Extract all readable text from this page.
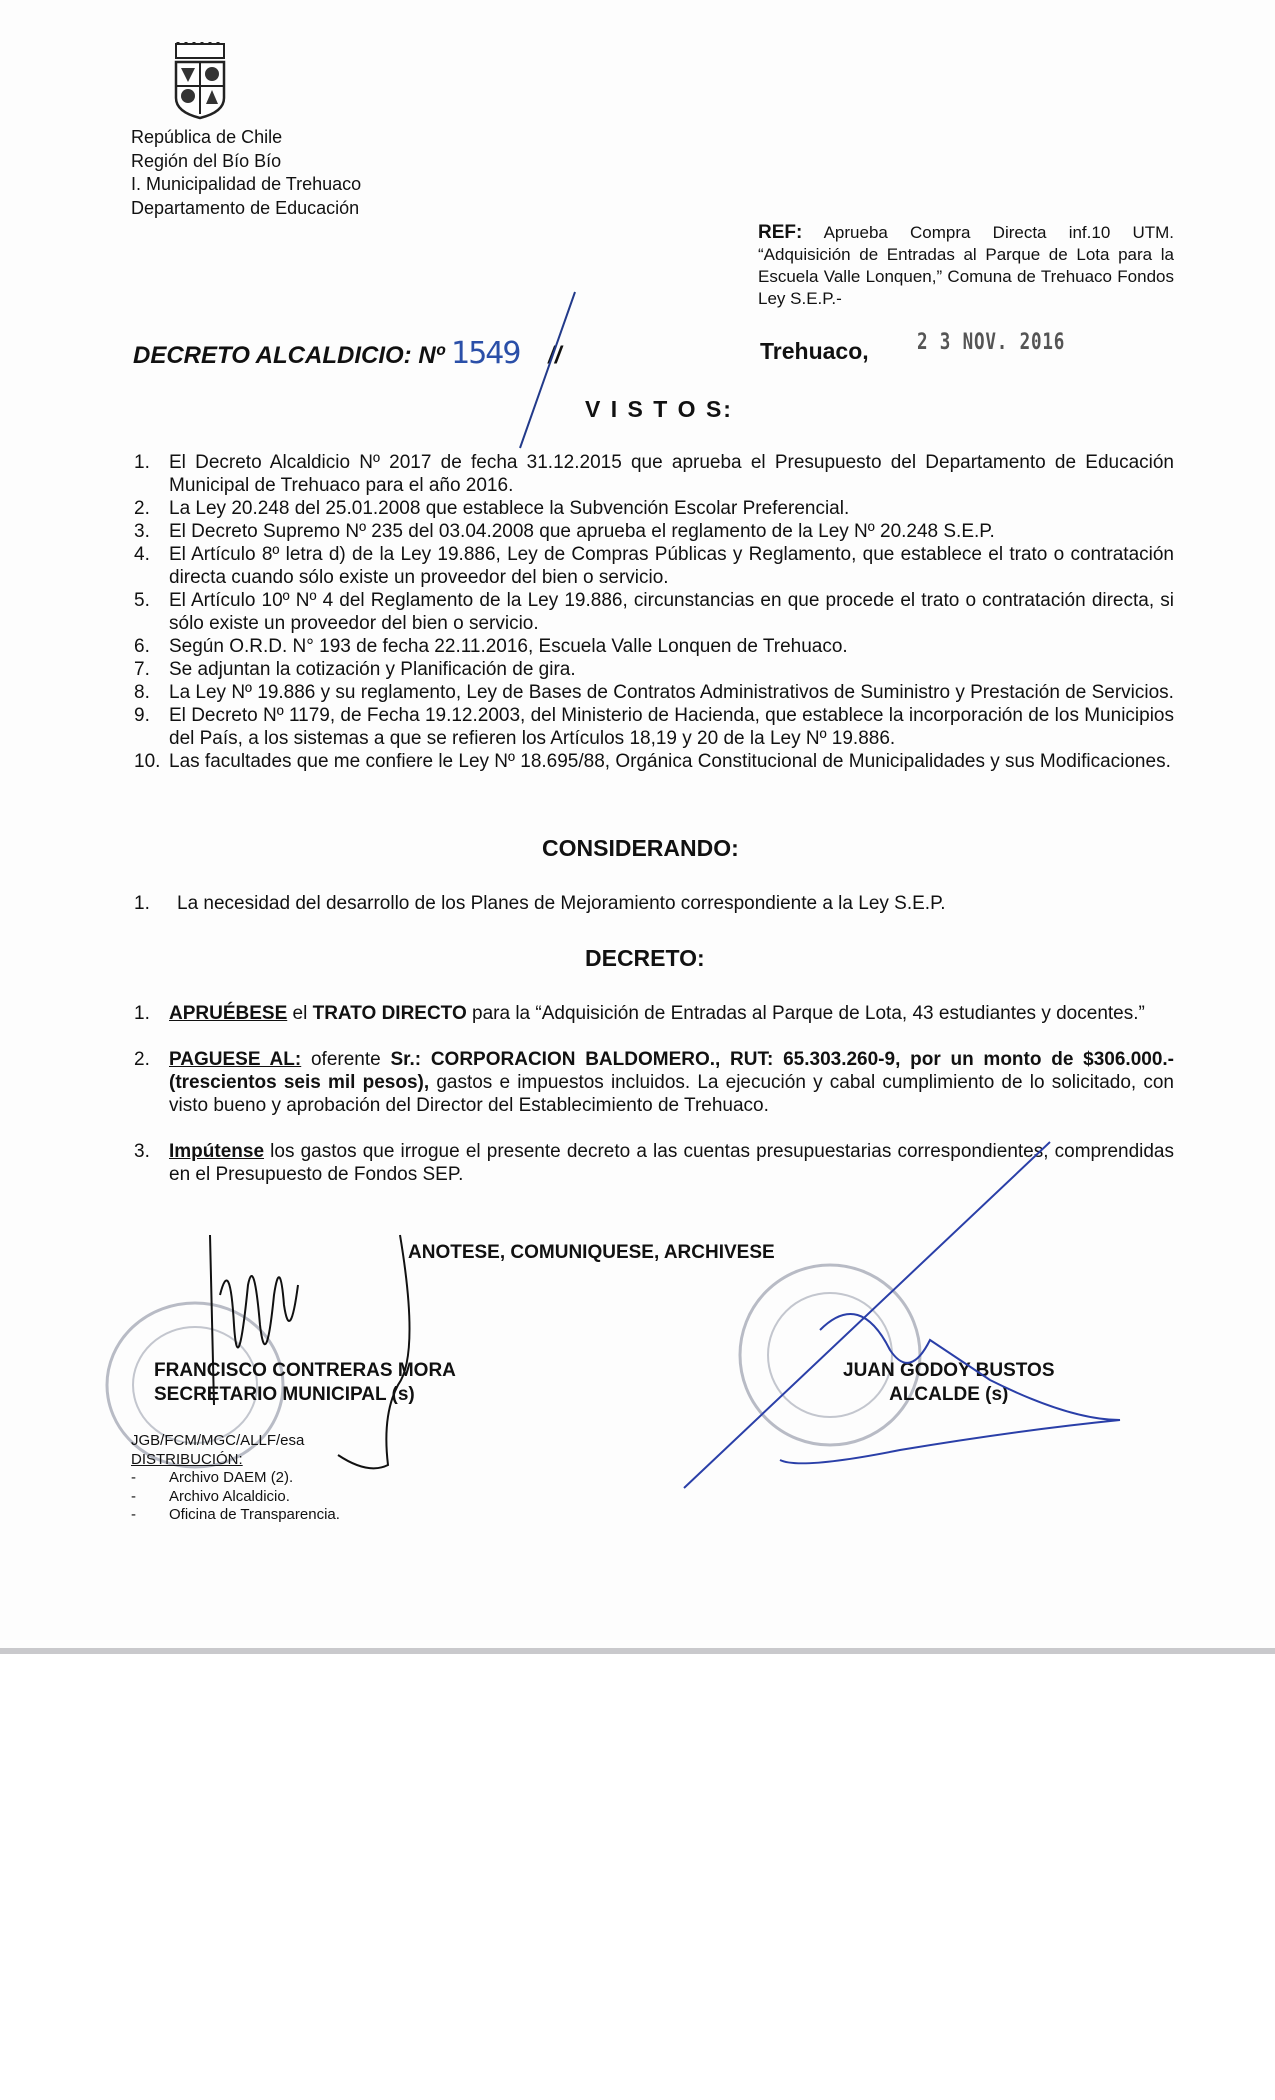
República de Chile
Región del Bío Bío
I. Municipalidad de Trehuaco
Departamento de Educación
REF: Aprueba Compra Directa inf.10 UTM. “Adquisición de Entradas al Parque de Lota para la Escuela Valle Lonquen,” Comuna de Trehuaco Fondos Ley S.E.P.-
DECRETO ALCALDICIO: Nº 1549 //	Trehuaco, 2 3 NOV. 2016
V I S T O S:
1.	El Decreto Alcaldicio Nº 2017 de fecha 31.12.2015 que aprueba el Presupuesto del Departamento de Educación Municipal de Trehuaco para el año 2016.
2.	La Ley 20.248 del 25.01.2008 que establece la Subvención Escolar Preferencial.
3.	El Decreto Supremo Nº 235 del 03.04.2008 que aprueba el reglamento de la Ley Nº 20.248 S.E.P.
4.	El Artículo 8º letra d) de la Ley 19.886, Ley de Compras Públicas y Reglamento, que establece el trato o contratación directa cuando sólo existe un proveedor del bien o servicio.
5.	El Artículo 10º Nº 4 del Reglamento de la Ley 19.886, circunstancias en que procede el trato o contratación directa, si sólo existe un proveedor del bien o servicio.
6.	Según O.R.D. N° 193 de fecha 22.11.2016, Escuela Valle Lonquen de Trehuaco.
7.	Se adjuntan la cotización y Planificación de gira.
8.	La Ley Nº 19.886 y su reglamento, Ley de Bases de Contratos Administrativos de Suministro y Prestación de Servicios.
9.	El Decreto Nº 1179, de Fecha 19.12.2003, del Ministerio de Hacienda, que establece la incorporación de los Municipios del País, a los sistemas a que se refieren los Artículos 18,19 y 20 de la Ley Nº 19.886.
10. Las facultades que me confiere le Ley Nº 18.695/88, Orgánica Constitucional de Municipalidades y sus Modificaciones.
CONSIDERANDO:
1.	La necesidad del desarrollo de los Planes de Mejoramiento correspondiente a la Ley S.E.P.
DECRETO:
1.	APRUÉBESE el TRATO DIRECTO para la “Adquisición de Entradas al Parque de Lota, 43 estudiantes y docentes.”
2.	PAGUESE AL: oferente Sr.: CORPORACION BALDOMERO., RUT: 65.303.260-9, por un monto de $306.000.- (trescientos seis mil pesos), gastos e impuestos incluidos. La ejecución y cabal cumplimiento de lo solicitado, con visto bueno y aprobación del Director del Establecimiento de Trehuaco.
3.	Impútense los gastos que irrogue el presente decreto a las cuentas presupuestarias correspondientes, comprendidas en el Presupuesto de Fondos SEP.
ANOTESE, COMUNIQUESE, ARCHIVESE
FRANCISCO CONTRERAS MORA
SECRETARIO MUNICIPAL (s)
JUAN GODOY BUSTOS
ALCALDE (s)
JGB/FCM/MGC/ALLF/esa
DISTRIBUCIÓN:
-	Archivo DAEM (2).
-	Archivo Alcaldicio.
-	Oficina de Transparencia.
